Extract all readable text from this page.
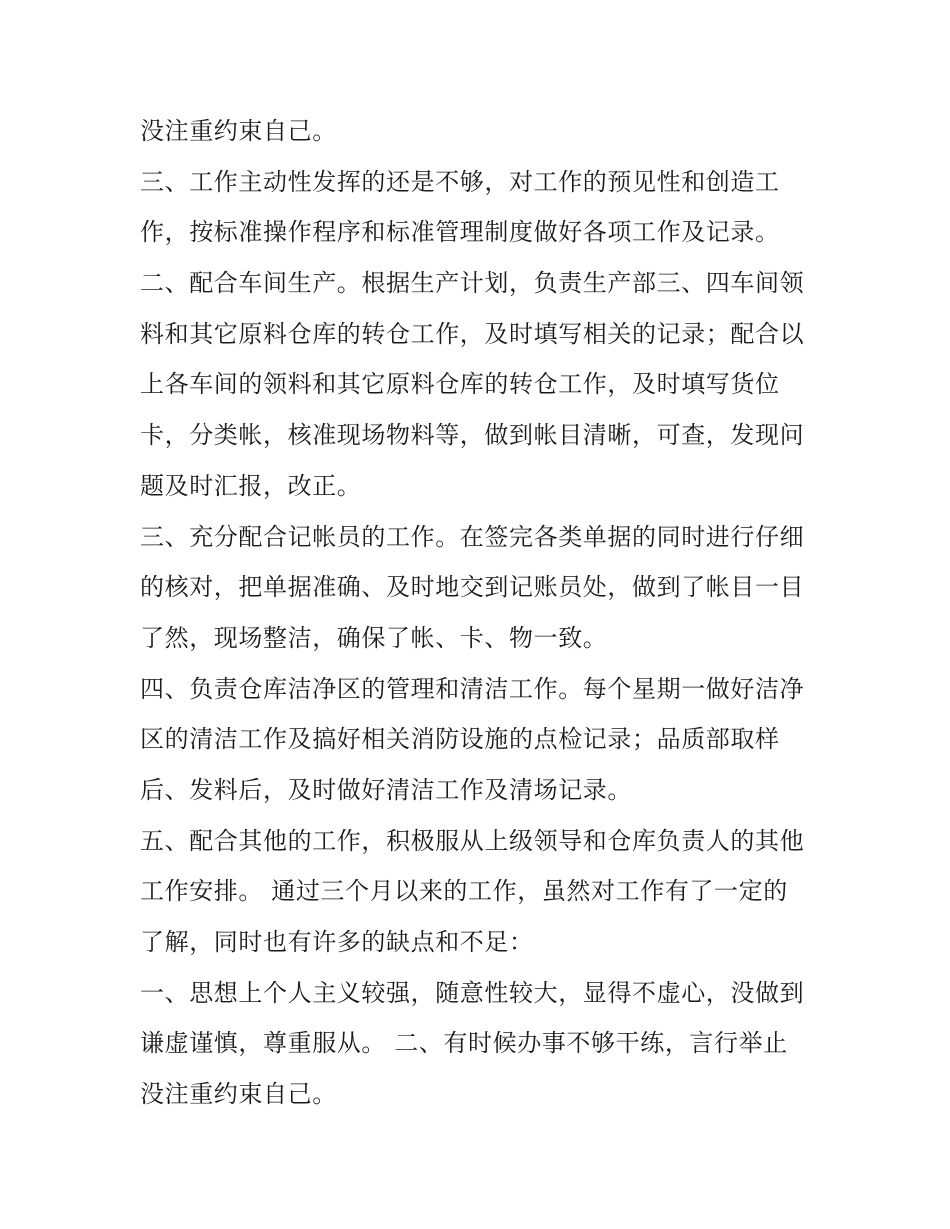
没注重约束自己。
三、工作主动性发挥的还是不够，对工作的预见性和创造工
作，按标准操作程序和标准管理制度做好各项工作及记录。
二、配合车间生产。根据生产计划，负责生产部三、四车间领
料和其它原料仓库的转仓工作，及时填写相关的记录；配合以
上各车间的领料和其它原料仓库的转仓工作，及时填写货位
卡，分类帐，核准现场物料等，做到帐目清晰，可查，发现问
题及时汇报，改正。
三、充分配合记帐员的工作。在签完各类单据的同时进行仔细
的核对，把单据准确、及时地交到记账员处，做到了帐目一目
了然，现场整洁，确保了帐、卡、物一致。
四、负责仓库洁净区的管理和清洁工作。每个星期一做好洁净
区的清洁工作及搞好相关消防设施的点检记录；品质部取样
后、发料后，及时做好清洁工作及清场记录。
五、配合其他的工作，积极服从上级领导和仓库负责人的其他
工作安排。 通过三个月以来的工作，虽然对工作有了一定的
了解，同时也有许多的缺点和不足：
一、思想上个人主义较强，随意性较大，显得不虚心，没做到
谦虚谨慎，尊重服从。 二、有时候办事不够干练，言行举止
没注重约束自己。
